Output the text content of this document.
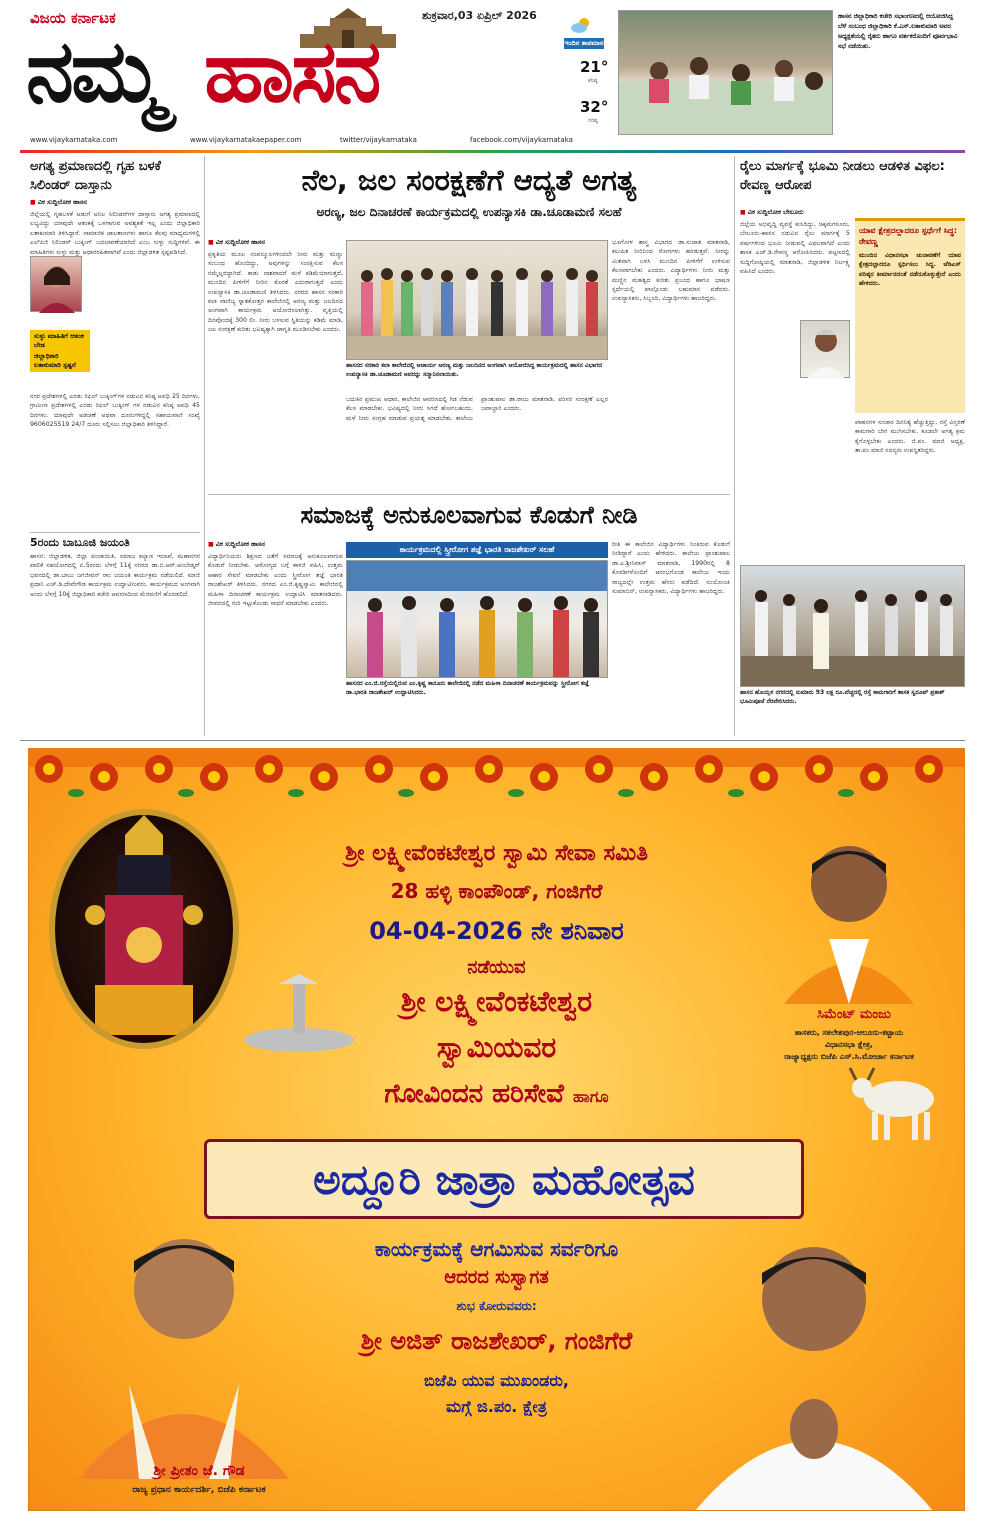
ವಿಜಯ ಕರ್ನಾಟಕ
ನಮ್ಮ ಹಾಸನ
ಶುಕ್ರವಾರ,03 ಏಪ್ರಿಲ್ 2026
ಇಂದಿನ ತಾಪಮಾನ
21°
ಕನಿಷ್ಠ
32°
ಗರಿಷ್ಠ
ಹಾಸನ ಜಿಲ್ಲಾಧಿಕಾರಿ ಕಚೇರಿ ಸಭಾಂಗಣದಲ್ಲಿ ಆಯೋಜಿಸಿದ್ದ ಬೆಳೆ ಸಂಬಂಧ ಜಿಲ್ಲಾಧಿಕಾರಿ ಕೆ.ಎಸ್.ಲತಾಕುಮಾರಿ ಅವರ ಅಧ್ಯಕ್ಷತೆಯಲ್ಲಿ ರೈತರು ಹಾಗೂ ವರ್ತಕರೊಂದಿಗೆ ಪೂರ್ವಭಾವಿ ಸಭೆ ನಡೆಯಿತು.
www.vijaykarnataka.com	www.vijaykarnatakaepaper.com	twitter/vijaykarnataka	facebook.com/vijaykarnataka
ಅಗತ್ಯ ಪ್ರಮಾಣದಲ್ಲಿ ಗೃಹ ಬಳಕೆ ಸಿಲಿಂಡರ್ ದಾಸ್ತಾನು
■ ವಿಕ ಸುದ್ದಿಲೋಕ ಹಾಸನ
ಜಿಲ್ಲೆಯಲ್ಲಿ ಗೃಹಬಳಕೆ ಅಡುಗೆ ಅನಿಲ ಸಿಲಿಂಡರ್‌ಗಳ ದಾಸ್ತಾನು ಅಗತ್ಯ ಪ್ರಮಾಣದಲ್ಲಿ ಲಭ್ಯವಿದ್ದು ಯಾವುದೇ ಆತಂಕಕ್ಕೆ ಒಳಗಾಗುವ ಅವಶ್ಯಕತೆ ಇಲ್ಲ ಎಂದು ಜಿಲ್ಲಾಧಿಕಾರಿ ಲತಾಕುಮಾರಿ ತಿಳಿಸಿದ್ದಾರೆ. ಸಾಮಾಜಿಕ ಜಾಲತಾಣಗಳು ಹಾಗೂ ಕೆಲವು ಮಾಧ್ಯಮಗಳಲ್ಲಿ ಎಲ್‌ಪಿಜಿ ಸಿಲಿಂಡರ್ ಬುಕ್ಕಿಂಗ್ ಬದಲಾವಣೆಯಾಗಿದೆ ಎಂಬ ಸುಳ್ಳು ಸುದ್ದಿಗಳಿವೆ. ಈ ಮಾಹಿತಿಗಳು ಸುಳ್ಳು ಮತ್ತು ಆಧಾರರಹಿತವಾಗಿವೆ ಎಂದು ಜಿಲ್ಲಾಡಳಿತ ಸ್ಪಷ್ಟಪಡಿಸಿದೆ.
ಸುಳ್ಳು ಮಾಹಿತಿಗೆ ಆತಂಕ ಬೇಡ
ಜಿಲ್ಲಾಧಿಕಾರಿ ಲತಾಕುಮಾರಿ ಸ್ಪಷ್ಟನೆ
ನಗರ ಪ್ರದೇಶಗಳಲ್ಲಿ ಎರಡು ರಿಫಿಲ್ ಬುಕ್ಕಿಂಗ್‌ಗಳ ನಡುವಿನ ಕನಿಷ್ಠ ಅವಧಿ 25 ದಿನಗಳು, ಗ್ರಾಮೀಣ ಪ್ರದೇಶಗಳಲ್ಲಿ ಎರಡು ರಿಫಿಲ್ ಬುಕ್ಕಿಂಗ್ ಗಳ ನಡುವಿನ ಕನಿಷ್ಠ ಅವಧಿ 45 ದಿನಗಳು. ಯಾವುದೇ ಅಡಚಣೆ ಅಥವಾ ದೂರುಗಳಿದ್ದಲ್ಲಿ ಸಹಾಯವಾಣಿ ಸಂಖ್ಯೆ 9606025519 24/7 ದೂರು ಸಲ್ಲಿಸಲು ಜಿಲ್ಲಾಧಿಕಾರಿ ತಿಳಿಸಿದ್ದಾರೆ.
5ರಂದು ಬಾಬೂಜಿ ಜಯಂತಿ
ಹಾಸನ: ಜಿಲ್ಲಾಡಳಿತ, ಜಿಲ್ಲಾ ಪಂಚಾಯಿತಿ, ಸಮಾಜ ಕಲ್ಯಾಣ ಇಲಾಖೆ, ಮಹಾನಗರ ಪಾಲಿಕೆ ಸಹಯೋಗದಲ್ಲಿ ಏ.5ರಂದು ಬೆಳಗ್ಗೆ 11ಕ್ಕೆ ನಗರದ ಡಾ.ಬಿ.ಆರ್.ಅಂಬೇಡ್ಕರ್ ಭವನದಲ್ಲಿ ಡಾ.ಬಾಬು ಜಗಜೀವನ್ ರಾಂ ಜಯಂತಿ ಕಾರ್ಯಕ್ರಮ ನಡೆಯಲಿದೆ. ಮಾಜಿ ಪ್ರಧಾನಿ ಎಚ್.ಡಿ.ದೇವೇಗೌಡ ಕಾರ್ಯಕ್ರಮ ಉದ್ಘಾಟಿಸುವರು. ಕಾರ್ಯಕ್ರಮದ ಅಂಗವಾಗಿ ಅಂದು ಬೆಳಗ್ಗೆ 10ಕ್ಕೆ ಜಿಲ್ಲಾಧಿಕಾರಿ ಕಚೇರಿ ಆವರಣದಿಂದ ಮೆರವಣಿಗೆ ಹೊರಡಲಿದೆ.
ನೆಲ, ಜಲ ಸಂರಕ್ಷಣೆಗೆ ಆದ್ಯತೆ ಅಗತ್ಯ
ಅರಣ್ಯ, ಜಲ ದಿನಾಚರಣೆ ಕಾರ್ಯಕ್ರಮದಲ್ಲಿ ಉಪನ್ಯಾಸಕಿ ಡಾ.ಚೂಡಾಮಣಿ ಸಲಹೆ
■ ವಿಕ ಸುದ್ದಿಲೋಕ ಹಾಸನ
ಪ್ರಕೃತಿಯ ಮೂಲ ಸಂಪನ್ಮೂಲಗಳಿಂದಲೇ ನೀರು ಮತ್ತು ಮಣ್ಣು ಸಂಬಂಧ ಹೊಂದಿದ್ದು, ಅವುಗಳನ್ನು ಸಂರಕ್ಷಿಸುವ ಕೆಲಸ ನಮ್ಮೆಲ್ಲರದ್ದಾಗಿದೆ. ಕಾಡು ನಾಶವಾದರೆ ಮಳೆ ಕಡಿಮೆಯಾಗುತ್ತದೆ, ಮುಂದಿನ ಪೀಳಿಗೆಗೆ ನೀರಿನ ಕೊರತೆ ಎದುರಾಗುತ್ತದೆ ಎಂದು ಉಪನ್ಯಾಸಕಿ ಡಾ.ಚೂಡಾಮಣಿ ತಿಳಿಸಿದರು. ನಗರದ ಹಾಸನ ಸರಕಾರಿ ಕಲಾ ವಾಣಿಜ್ಯ ಸ್ನಾತಕೋತ್ತರ ಕಾಲೇಜಿನಲ್ಲಿ ಅರಣ್ಯ ಮತ್ತು ಜಲದಿನದ ಅಂಗವಾಗಿ ಕಾರ್ಯಕ್ರಮ ಆಯೋಜಿಸಲಾಗಿತ್ತು. ವೃತ್ತಿಯಲ್ಲಿ ದಿನವೊಂದಕ್ಕೆ 300 ಲೀ. ನೀರು ಬಳಸುವ ಸ್ಥಿತಿಯನ್ನು ಕಡಿಮೆ ಮಾಡಿ, ಜಲ ಸಂರಕ್ಷಣೆ ಕುರಿತು ಭವಿಷ್ಯಕ್ಕಾಗಿ ಜಾಗೃತಿ ಮೂಡಿಸಬೇಕು ಎಂದರು.
ಹಾಸನದ ಸರಕಾರಿ ಕಲಾ ಕಾಲೇಜಿನಲ್ಲಿ ಆಚಾರ್ಯ ಅರಣ್ಯ ಮತ್ತು ಜಲದಿನದ ಅಂಗವಾಗಿ ಆಯೋಜಿಸಿದ್ದ ಕಾರ್ಯಕ್ರಮದಲ್ಲಿ ಹಾಸನ ವಿಭಾಗದ ಉಪನ್ಯಾಸಕಿ ಡಾ.ಚೂಡಾಮಣಿ ಅವರನ್ನು ಸನ್ಮಾನಿಸಲಾಯಿತು.
ಬದುಕಿನ ಪ್ರಮುಖ ಆಧಾರ, ಕಾಲೇಜಿನ ಆವರಣದಲ್ಲಿ ಗಿಡ ನೆಡುವ ಕೆಲಸ ಮಾಡಬೇಕು. ಭವಿಷ್ಯದಲ್ಲಿ ನೀರು ಸಿಗದೆ ಹೋಗಬಹುದು, ಮಳೆ ನೀರು ಸಂಗ್ರಹ ಮಾಡುವ ಪ್ರಯತ್ನ ಮಾಡಬೇಕು. ಕಾಲೇಜು ಪ್ರಾಂಶುಪಾಲ ಡಾ.ರಾಜು ಮಾತನಾಡಿ, ಪರಿಸರ ಸಂರಕ್ಷಣೆ ಎಲ್ಲರ ಜವಾಬ್ದಾರಿ ಎಂದರು.
ಭೂಗೋಳ ಶಾಸ್ತ್ರ ವಿಭಾಗದ ಡಾ.ಸುಜಾತ ಮಾತನಾಡಿ, ಕಲುಷಿತ ನೀರಿನಿಂದ ರೋಗಗಳು ಹರಡುತ್ತವೆ. ನೀರನ್ನು ಮಿತವಾಗಿ ಬಳಸಿ ಮುಂದಿನ ಪೀಳಿಗೆಗೆ ಉಳಿಸುವ ಕೆಲಸವಾಗಬೇಕು ಎಂದರು. ವಿದ್ಯಾರ್ಥಿಗಳು ನೀರು ಮತ್ತು ಮಣ್ಣಿನ ಮಹತ್ವದ ಕುರಿತು ಪ್ರಬಂಧ ಹಾಗೂ ಭಾಷಣ ಸ್ಪರ್ಧೆಯಲ್ಲಿ ಪಾಲ್ಗೊಂಡು ಬಹುಮಾನ ಪಡೆದರು. ಉಪನ್ಯಾಸಕರು, ಸಿಬ್ಬಂದಿ, ವಿದ್ಯಾರ್ಥಿಗಳು ಹಾಜರಿದ್ದರು.
ಸಮಾಜಕ್ಕೆ ಅನುಕೂಲವಾಗುವ ಕೊಡುಗೆ ನೀಡಿ
■ ವಿಕ ಸುದ್ದಿಲೋಕ ಹಾಸನ
ವಿದ್ಯಾರ್ಥಿನಿಯರು ಶಿಕ್ಷಣದ ಜತೆಗೆ ಸಮಾಜಕ್ಕೆ ಅನುಕೂಲವಾಗುವ ಕೊಡುಗೆ ನೀಡಬೇಕು. ಆರೋಗ್ಯದ ಬಗ್ಗೆ ಕಾಳಜಿ ವಹಿಸಿ, ಉತ್ತಮ ಆಹಾರ ಸೇವನೆ ಮಾಡಬೇಕು ಎಂದು ಸ್ತ್ರೀರೋಗ ತಜ್ಞೆ ಭಾರತಿ ರಾಜಶೇಖರ್ ತಿಳಿಸಿದರು. ನಗರದ ಎಂ.ಜಿ.ಕೃಷ್ಣಸ್ವಾಮಿ ಕಾಲೇಜಿನಲ್ಲಿ ಮಹಿಳಾ ದಿನಾಚರಣೆ ಕಾರ್ಯಕ್ರಮ ಉದ್ಘಾಟಿಸಿ ಮಾತನಾಡಿದರು. ಜೀವನದಲ್ಲಿ ಗುರಿ ಇಟ್ಟುಕೊಂಡು ಸಾಧನೆ ಮಾಡಬೇಕು ಎಂದರು.
ಕಾರ್ಯಕ್ರಮದಲ್ಲಿ ಸ್ತ್ರೀರೋಗ ತಜ್ಞೆ ಭಾರತಿ ರಾಜಶೇಖರ್ ಸಲಹೆ
ಹಾಸನದ ಎಂ.ಜಿ.ರಸ್ತೆಯಲ್ಲಿರುವ ಎಂ.ಕೃಷ್ಣ ಕಾನೂನು ಕಾಲೇಜಿನಲ್ಲಿ ನಡೆದ ಮಹಿಳಾ ದಿನಾಚರಣೆ ಕಾರ್ಯಕ್ರಮವನ್ನು ಸ್ತ್ರೀರೋಗ ತಜ್ಞೆ ಡಾ.ಭಾರತಿ ರಾಜಶೇಖರ್ ಉದ್ಘಾಟಿಸಿದರು.
ರೀತಿ ಈ ಕಾಲೇಜಿನ ವಿದ್ಯಾರ್ಥಿಗಳು ನಿಂತಿರುವ ಕೊಡುಗೆ ನೀಡಿದ್ದಾರೆ ಎಂದು ಹೇಳಿದರು. ಕಾಲೇಜು ಪ್ರಾಂಶುಪಾಲ ಡಾ.ಎ.ಶ್ರೀನಿವಾಸ್ ಮಾತನಾಡಿ, 1990ರಲ್ಲಿ 8 ಕೊಠಡಿಗಳೊಂದಿಗೆ ಆರಂಭಗೊಂಡ ಕಾಲೇಜು ಇಂದು ರಾಜ್ಯದಲ್ಲೇ ಉತ್ತಮ ಹೆಸರು ಪಡೆದಿದೆ. ಸಂಯೋಜಕಿ ಸುಮಾಬಿನ್, ಉಪನ್ಯಾಸಕರು, ವಿದ್ಯಾರ್ಥಿಗಳು ಹಾಜರಿದ್ದರು.
ರೈಲು ಮಾರ್ಗಕ್ಕೆ ಭೂಮಿ ನೀಡಲು ಆಡಳಿತ ವಿಫಲ: ರೇವಣ್ಣ ಆರೋಪ
■ ವಿಕ ಸುದ್ದಿಲೋಕ ಬೇಲೂರು
ಜಿಲ್ಲೆಯ ಅಭಿವೃದ್ಧಿ ವ್ಯವಸ್ಥೆ ಕುಸಿದಿದ್ದು, ಚಿಕ್ಕಮಗಳೂರು, ಬೇಲೂರು-ಹಾಸನ ನಡುವಿನ ರೈಲು ಮಾರ್ಗಕ್ಕೆ 5 ವರ್ಷಗಳಿಂದ ಭೂಮಿ ನೀಡುವಲ್ಲಿ ವಿಫಲವಾಗಿದೆ ಎಂದು ಶಾಸಕ ಎಚ್.ಡಿ.ರೇವಣ್ಣ ಆರೋಪಿಸಿದರು. ಪಟ್ಟಣದಲ್ಲಿ ಸುದ್ದಿಗೋಷ್ಠಿಯಲ್ಲಿ ಮಾತನಾಡಿ, ಜಿಲ್ಲಾಡಳಿತ ನಿರ್ಲಕ್ಷ್ಯ ವಹಿಸಿದೆ ಎಂದರು.
ಯಾವ ಕ್ಷೇತ್ರದಲ್ಲಾದರೂ ಸ್ಪರ್ಧೆಗೆ ಸಿದ್ಧ: ರೇವಣ್ಣ
ಮುಂದಿನ ವಿಧಾನಸಭಾ ಚುನಾವಣೆಗೆ ಯಾವ ಕ್ಷೇತ್ರದಲ್ಲಾದರೂ ಸ್ಪರ್ಧಿಸಲು ಸಿದ್ಧ. ಜೆಡಿಎಸ್ ವರಿಷ್ಠರ ತೀರ್ಮಾನದಂತೆ ನಡೆದುಕೊಳ್ಳುತ್ತೇನೆ ಎಂದು ಹೇಳಿದರು.
ವಾಹನಗಳ ಸಂಚಾರ ದಿನನಿತ್ಯ ಹೆಚ್ಚುತ್ತಿದ್ದು, ರಸ್ತೆ ವಿಸ್ತರಣೆ ಕಾಮಗಾರಿ ಬೇಗ ಮುಗಿಸಬೇಕು. ಕೂಡಲೇ ಅಗತ್ಯ ಕ್ರಮ ಕೈಗೊಳ್ಳಬೇಕು ಎಂದರು. ಜಿ.ಪಂ. ಮಾಜಿ ಅಧ್ಯಕ್ಷ, ತಾ.ಪಂ.ಮಾಜಿ ಸದಸ್ಯರು ಉಪಸ್ಥಿತರಿದ್ದರು.
ಹಾಸನ ಹೊಯ್ಸಳ ನಗರದಲ್ಲಿ ಸುಮಾರು 93 ಲಕ್ಷ ರೂ.ವೆಚ್ಚದಲ್ಲಿ ರಸ್ತೆ ಕಾಮಗಾರಿಗೆ ಶಾಸಕ ಸ್ವರೂಪ್ ಪ್ರಕಾಶ್ ಭೂಮಿಪೂಜೆ ನೆರವೇರಿಸಿದರು.
ಶ್ರೀ ಲಕ್ಷ್ಮೀವೆಂಕಟೇಶ್ವರ ಸ್ವಾಮಿ ಸೇವಾ ಸಮಿತಿ
28 ಹಳ್ಳಿ ಕಾಂಪೌಂಡ್, ಗಂಜಿಗೆರೆ
04-04-2026 ನೇ ಶನಿವಾರ
ನಡೆಯುವ
ಶ್ರೀ ಲಕ್ಷ್ಮೀವೆಂಕಟೇಶ್ವರ
ಸ್ವಾಮಿಯವರ
ಗೋವಿಂದನ ಹರಿಸೇವೆ ಹಾಗೂ
ಅದ್ದೂರಿ ಜಾತ್ರಾ ಮಹೋತ್ಸವ
ಕಾರ್ಯಕ್ರಮಕ್ಕೆ ಆಗಮಿಸುವ ಸರ್ವರಿಗೂ
ಆದರದ ಸುಸ್ವಾಗತ
ಶುಭ ಕೋರುವವರು:
ಶ್ರೀ ಅಜಿತ್ ರಾಜಶೇಖರ್, ಗಂಜಿಗೆರೆ
ಬಿಜೆಪಿ ಯುವ ಮುಖಂಡರು,
ಮಗ್ಗೆ ಜಿ.ಪಂ. ಕ್ಷೇತ್ರ
ಸಿಮೆಂಟ್ ಮಂಜು
ಶಾಸಕರು, ಸಕಲೇಶಪುರ-ಆಲೂರು-ಕಟ್ಟಾಯ
ವಿಧಾನಸಭಾ ಕ್ಷೇತ್ರ,
ರಾಜ್ಯಾಧ್ಯಕ್ಷರು ಬಿಜೆಪಿ ಎಸ್.ಸಿ.ಮೋರ್ಚಾ ಕರ್ನಾಟಕ
ಶ್ರೀ ಪ್ರೀತಂ ಜೆ. ಗೌಡ
ರಾಜ್ಯ ಪ್ರಧಾನ ಕಾರ್ಯದರ್ಶಿ, ಬಿಜೆಪಿ ಕರ್ನಾಟಕ
